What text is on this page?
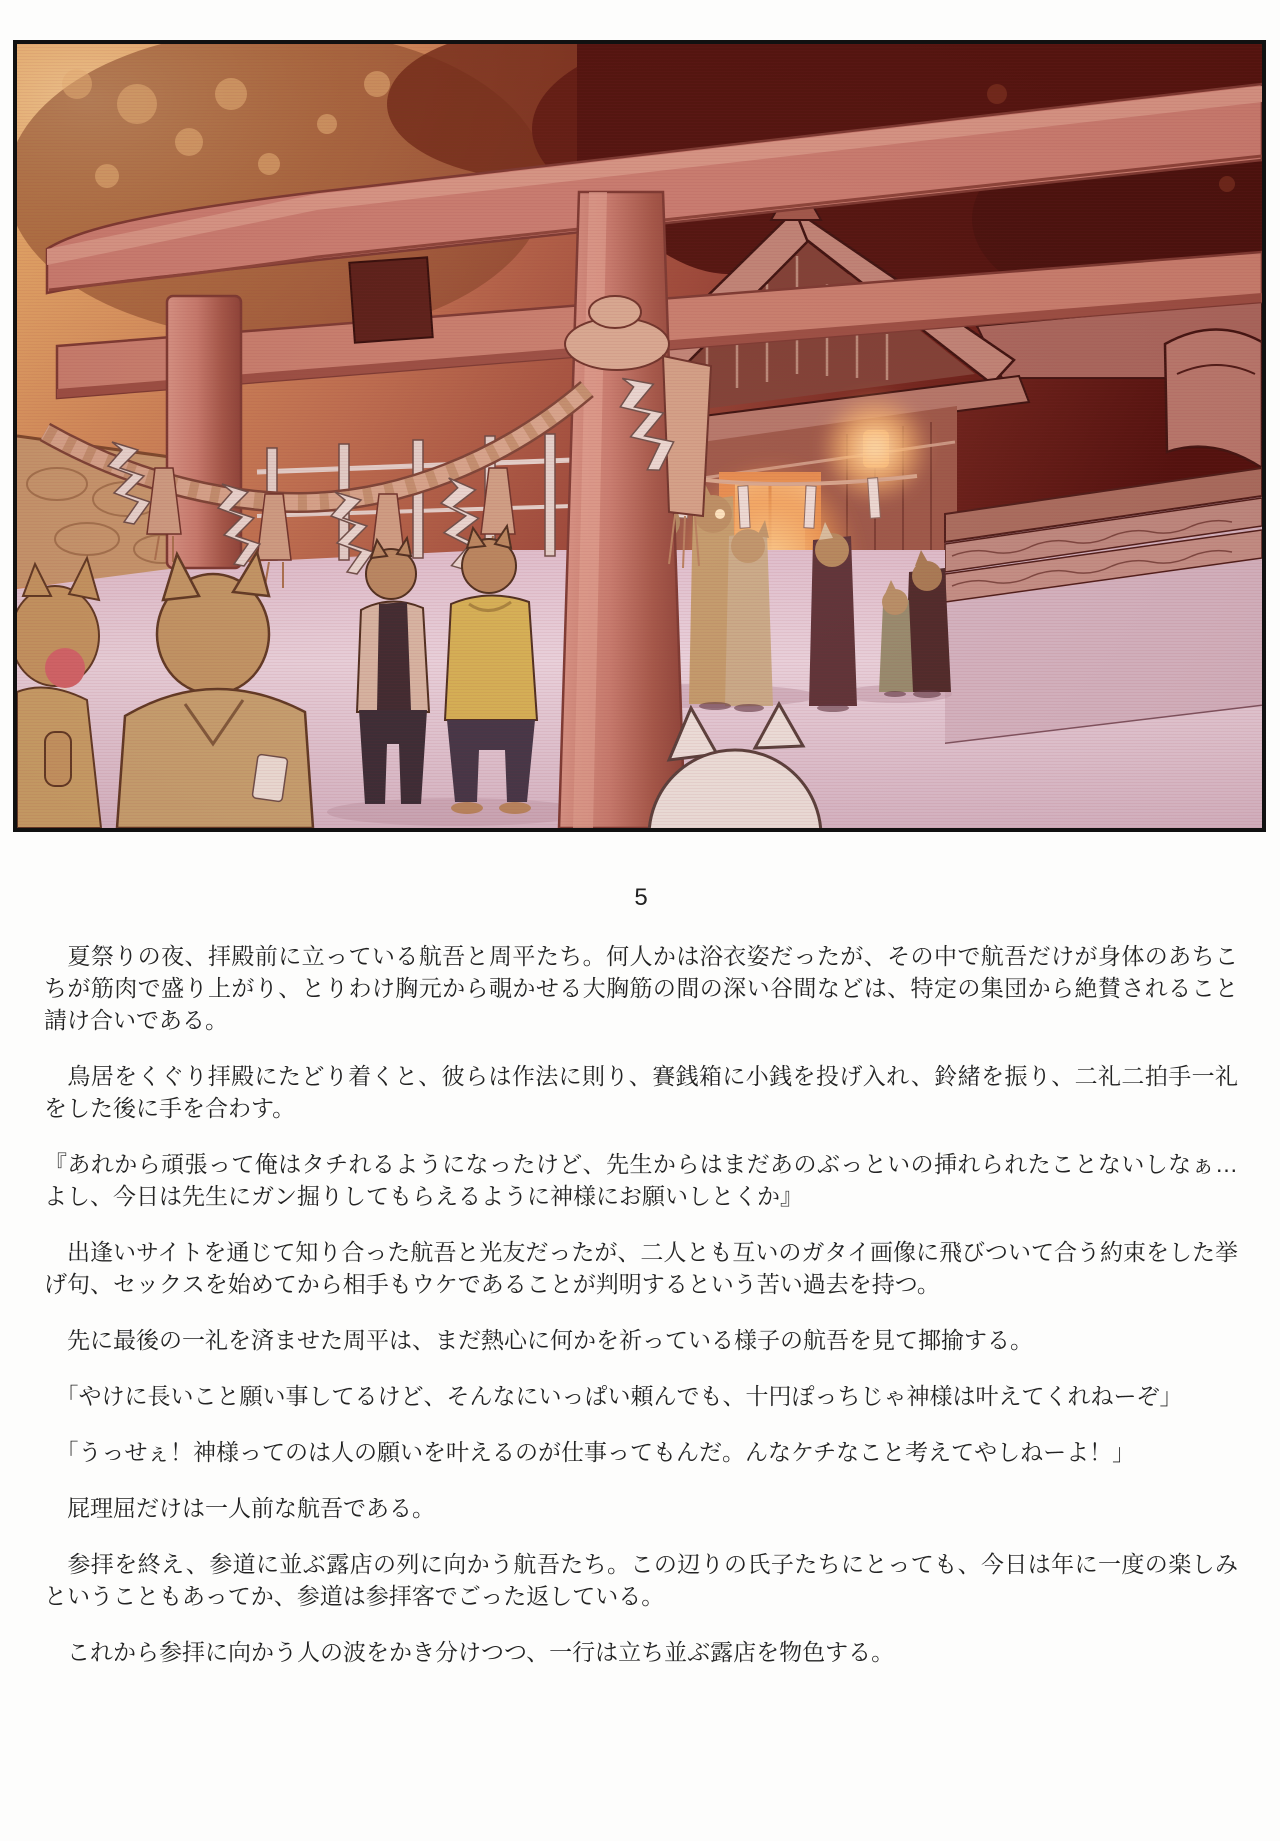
5

　夏祭りの夜、拝殿前に立っている航吾と周平たち。何人かは浴衣姿だったが、その中で航吾だけが身体のあちこちが筋肉で盛り上がり、とりわけ胸元から覗かせる大胸筋の間の深い谷間などは、特定の集団から絶賛されること請け合いである。

　鳥居をくぐり拝殿にたどり着くと、彼らは作法に則り、賽銭箱に小銭を投げ入れ、鈴緒を振り、二礼二拍手一礼をした後に手を合わす。

『あれから頑張って俺はタチれるようになったけど、先生からはまだあのぶっといの挿れられたことないしなぁ…　よし、今日は先生にガン掘りしてもらえるように神様にお願いしとくか』

　出逢いサイトを通じて知り合った航吾と光友だったが、二人とも互いのガタイ画像に飛びついて合う約束をした挙げ句、セックスを始めてから相手もウケであることが判明するという苦い過去を持つ。

　先に最後の一礼を済ませた周平は、まだ熱心に何かを祈っている様子の航吾を見て揶揄する。

　「やけに長いこと願い事してるけど、そんなにいっぱい頼んでも、十円ぽっちじゃ神様は叶えてくれねーぞ」

　「うっせぇ！神様ってのは人の願いを叶えるのが仕事ってもんだ。んなケチなこと考えてやしねーよ！」

　屁理屈だけは一人前な航吾である。

　参拝を終え、参道に並ぶ露店の列に向かう航吾たち。この辺りの氏子たちにとっても、今日は年に一度の楽しみということもあってか、参道は参拝客でごった返している。

　これから参拝に向かう人の波をかき分けつつ、一行は立ち並ぶ露店を物色する。
